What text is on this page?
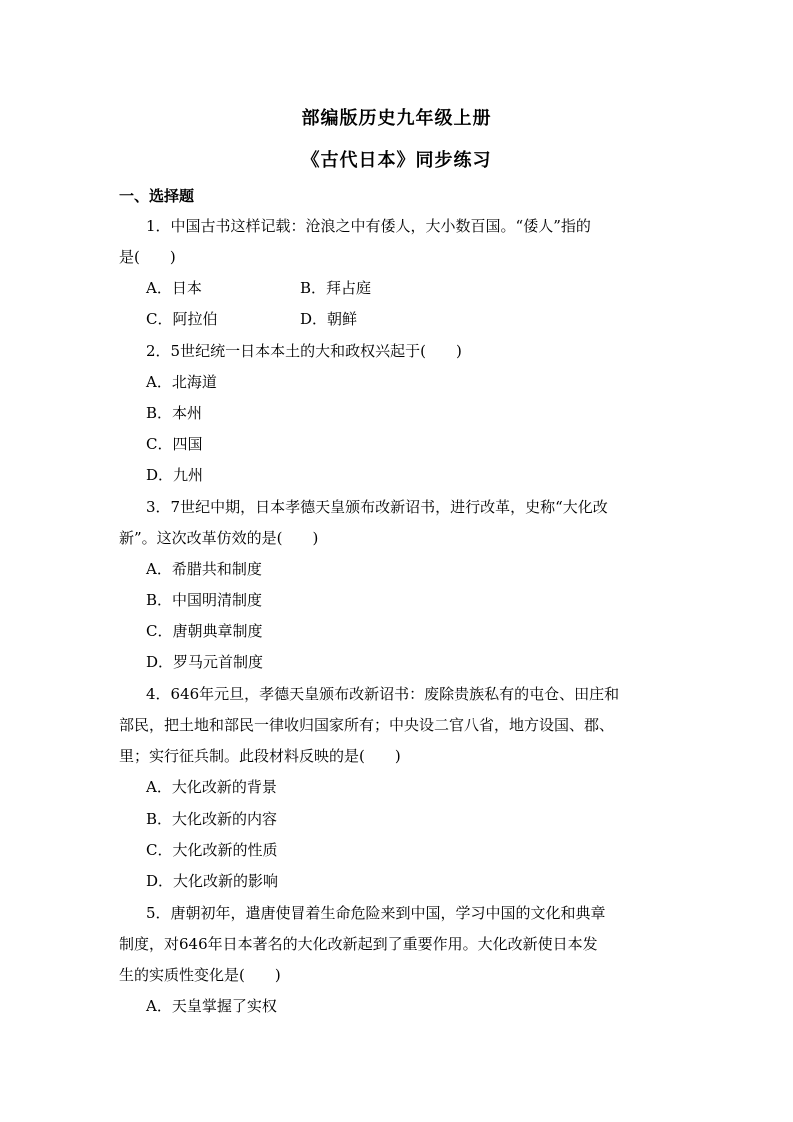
部编版历史九年级上册
《古代日本》同步练习
一、选择题
1．中国古书这样记载：沧浪之中有倭人，大小数百国。“倭人”指的
是(　　)
A．日本	B．拜占庭
C．阿拉伯	D．朝鲜
2．5世纪统一日本本土的大和政权兴起于(　　)
A．北海道
B．本州
C．四国
D．九州
3．7世纪中期，日本孝德天皇颁布改新诏书，进行改革，史称“大化改
新”。这次改革仿效的是(　　)
A．希腊共和制度
B．中国明清制度
C．唐朝典章制度
D．罗马元首制度
4．646年元旦，孝德天皇颁布改新诏书：废除贵族私有的屯仓、田庄和
部民，把土地和部民一律收归国家所有；中央设二官八省，地方设国、郡、
里；实行征兵制。此段材料反映的是(　　)
A．大化改新的背景
B．大化改新的内容
C．大化改新的性质
D．大化改新的影响
5．唐朝初年，遣唐使冒着生命危险来到中国，学习中国的文化和典章
制度，对646年日本著名的大化改新起到了重要作用。大化改新使日本发
生的实质性变化是(　　)
A．天皇掌握了实权
